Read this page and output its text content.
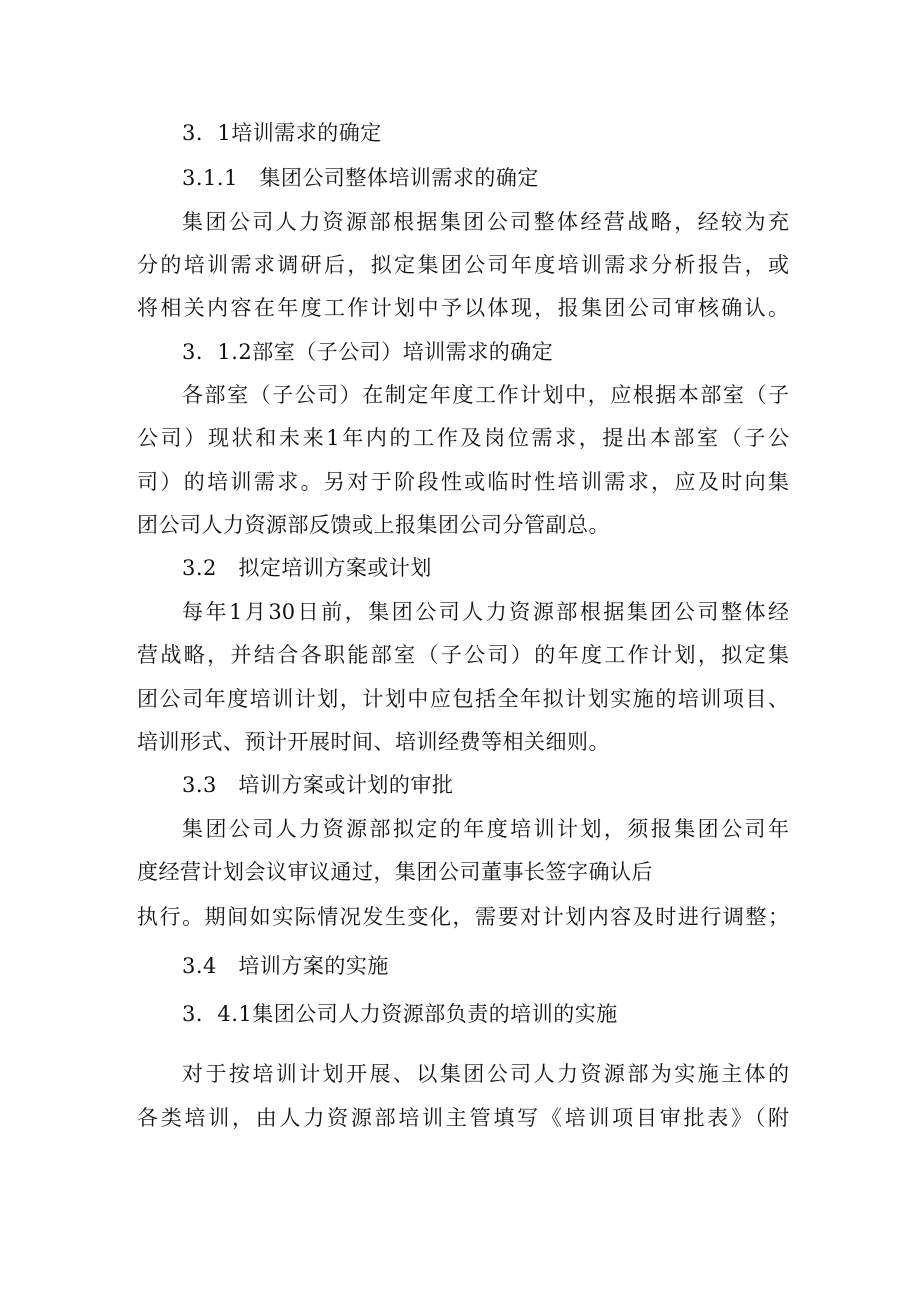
3．1培训需求的确定
3.1.1　集团公司整体培训需求的确定
集团公司人力资源部根据集团公司整体经营战略，经较为充
分的培训需求调研后，拟定集团公司年度培训需求分析报告，或
将相关内容在年度工作计划中予以体现，报集团公司审核确认。
3．1.2部室（子公司）培训需求的确定
各部室（子公司）在制定年度工作计划中，应根据本部室（子
公司）现状和未来1年内的工作及岗位需求，提出本部室（子公
司）的培训需求。另对于阶段性或临时性培训需求，应及时向集
团公司人力资源部反馈或上报集团公司分管副总。
3.2　拟定培训方案或计划
每年1月30日前，集团公司人力资源部根据集团公司整体经
营战略，并结合各职能部室（子公司）的年度工作计划，拟定集
团公司年度培训计划，计划中应包括全年拟计划实施的培训项目、
培训形式、预计开展时间、培训经费等相关细则。
3.3　培训方案或计划的审批
集团公司人力资源部拟定的年度培训计划，须报集团公司年
度经营计划会议审议通过，集团公司董事长签字确认后
执行。期间如实际情况发生变化，需要对计划内容及时进行调整；
3.4　培训方案的实施
3．4.1集团公司人力资源部负责的培训的实施
对于按培训计划开展、以集团公司人力资源部为实施主体的
各类培训，由人力资源部培训主管填写《培训项目审批表》（附
